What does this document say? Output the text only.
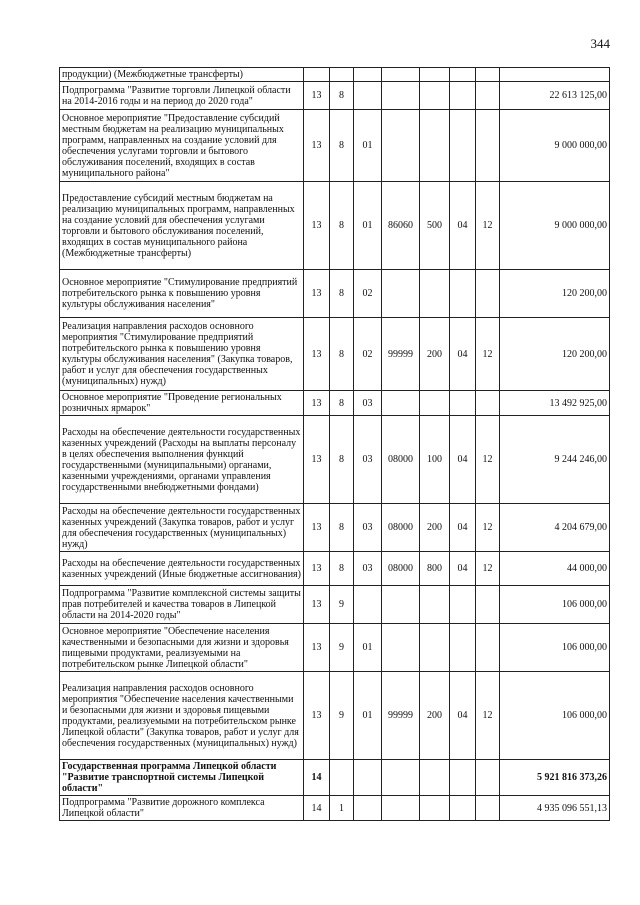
344
продукции) (Межбюджетные трансферты)								
Подпрограмма "Развитие торговли Липецкой области на 2014-2016 годы и на период до 2020 года"	13	8						22 613 125,00
Основное мероприятие "Предоставление субсидий местным бюджетам на реализацию муниципальных программ, направленных на создание условий для обеспечения услугами торговли и бытового обслуживания поселений, входящих в состав муниципального района"	13	8	01					9 000 000,00
Предоставление субсидий местным бюджетам на реализацию муниципальных программ, направленных на создание условий для обеспечения услугами торговли и бытового обслуживания поселений, входящих в состав муниципального района (Межбюджетные трансферты)	13	8	01	86060	500	04	12	9 000 000,00
Основное мероприятие "Стимулирование предприятий потребительского рынка к повышению уровня культуры обслуживания населения"	13	8	02					120 200,00
Реализация направления расходов основного мероприятия "Стимулирование предприятий потребительского рынка к повышению уровня культуры обслуживания населения" (Закупка товаров, работ и услуг для обеспечения государственных (муниципальных) нужд)	13	8	02	99999	200	04	12	120 200,00
Основное мероприятие "Проведение региональных розничных ярмарок"	13	8	03					13 492 925,00
Расходы на обеспечение деятельности государственных казенных учреждений (Расходы на выплаты персоналу в целях обеспечения выполнения функций государственными (муниципальными) органами, казенными учреждениями, органами управления государственными внебюджетными фондами)	13	8	03	08000	100	04	12	9 244 246,00
Расходы на обеспечение деятельности государственных казенных учреждений (Закупка товаров, работ и услуг для обеспечения государственных (муниципальных) нужд)	13	8	03	08000	200	04	12	4 204 679,00
Расходы на обеспечение деятельности государственных казенных учреждений (Иные бюджетные ассигнования)	13	8	03	08000	800	04	12	44 000,00
Подпрограмма "Развитие комплексной системы защиты прав потребителей и качества товаров в Липецкой области на 2014-2020 годы"	13	9						106 000,00
Основное мероприятие "Обеспечение населения качественными и безопасными для жизни и здоровья пищевыми продуктами, реализуемыми на потребительском рынке Липецкой области"	13	9	01					106 000,00
Реализация направления расходов основного мероприятия "Обеспечение населения качественными и безопасными для жизни и здоровья пищевыми продуктами, реализуемыми на потребительском рынке Липецкой области" (Закупка товаров, работ и услуг для обеспечения государственных (муниципальных) нужд)	13	9	01	99999	200	04	12	106 000,00
Государственная программа Липецкой области "Развитие транспортной системы Липецкой области"	14							5 921 816 373,26
Подпрограмма "Развитие дорожного комплекса Липецкой области"	14	1						4 935 096 551,13
